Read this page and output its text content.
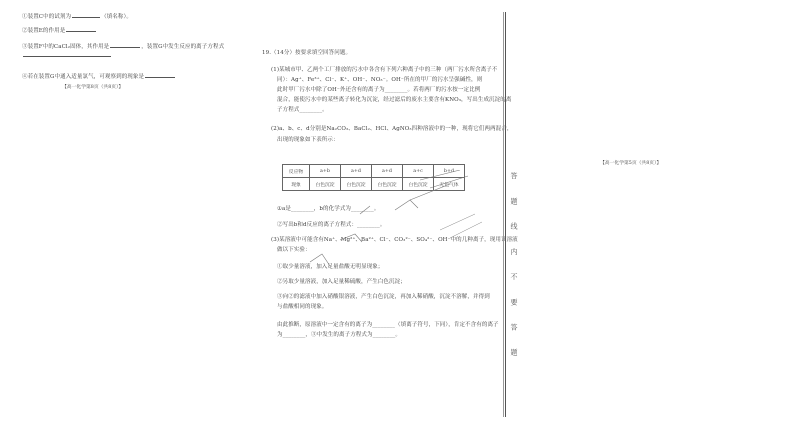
①装置C中的试剂为	（填名称）。
②装置E的作用是
③装置F中的CaCl₂固体，其作用是	，装置G中发生反应的离子方程式
④若在装置G中通入适量氯气，可观察到的现象是
【高一化学第8页（共8页）】
19.（14分）按要求填空回答问题。
(1)某城市甲、乙两个工厂排放的污水中各含有下列六种离子中的三种（两厂污水所含离子不
同）：Ag⁺、Fe³⁺、Cl⁻、K⁺、OH⁻、NO₃⁻。OH⁻所在的甲厂的污水呈强碱性，则
此时甲厂污水中除了OH⁻外还含有的离子为________。若将两厂的污水按一定比例
混合，能使污水中的某些离子转化为沉淀，经过滤后的废水主要含有KNO₃，写出生成沉淀的离
子方程式________。
(2)a、b、c、d分别是Na₂CO₃、BaCl₂、HCl、AgNO₃四种溶液中的一种，现将它们两两混合，
出现的现象如下表所示：
反应物	a+b	a+d	a+d	a+c	b+d
现象	白色沉淀	白色沉淀	白色沉淀	白色沉淀	无色气体
①a是________，b的化学式为________。
②写出b和d反应的离子方程式：________。
(3)某溶液中可能含有Na⁺、Mg²⁺、Ba²⁺、Cl⁻、CO₃²⁻、SO₄²⁻、OH⁻中的几种离子，现用该溶液
做以下实验：
①取少量溶液，加入足量盐酸无明显现象；
②另取少量溶液，加入足量稀硫酸，产生白色沉淀；
③向②的滤液中加入硝酸银溶液，产生白色沉淀，再加入稀硝酸，沉淀不溶解，并得到
与盐酸相同的现象。
由此推断，原溶液中一定含有的离子为________（填离子符号，下同），肯定不含有的离子
为________，③中发生的离子方程式为________。	答 题 线 内 不 要 答 题
【高一化学第5页（共8页）】
